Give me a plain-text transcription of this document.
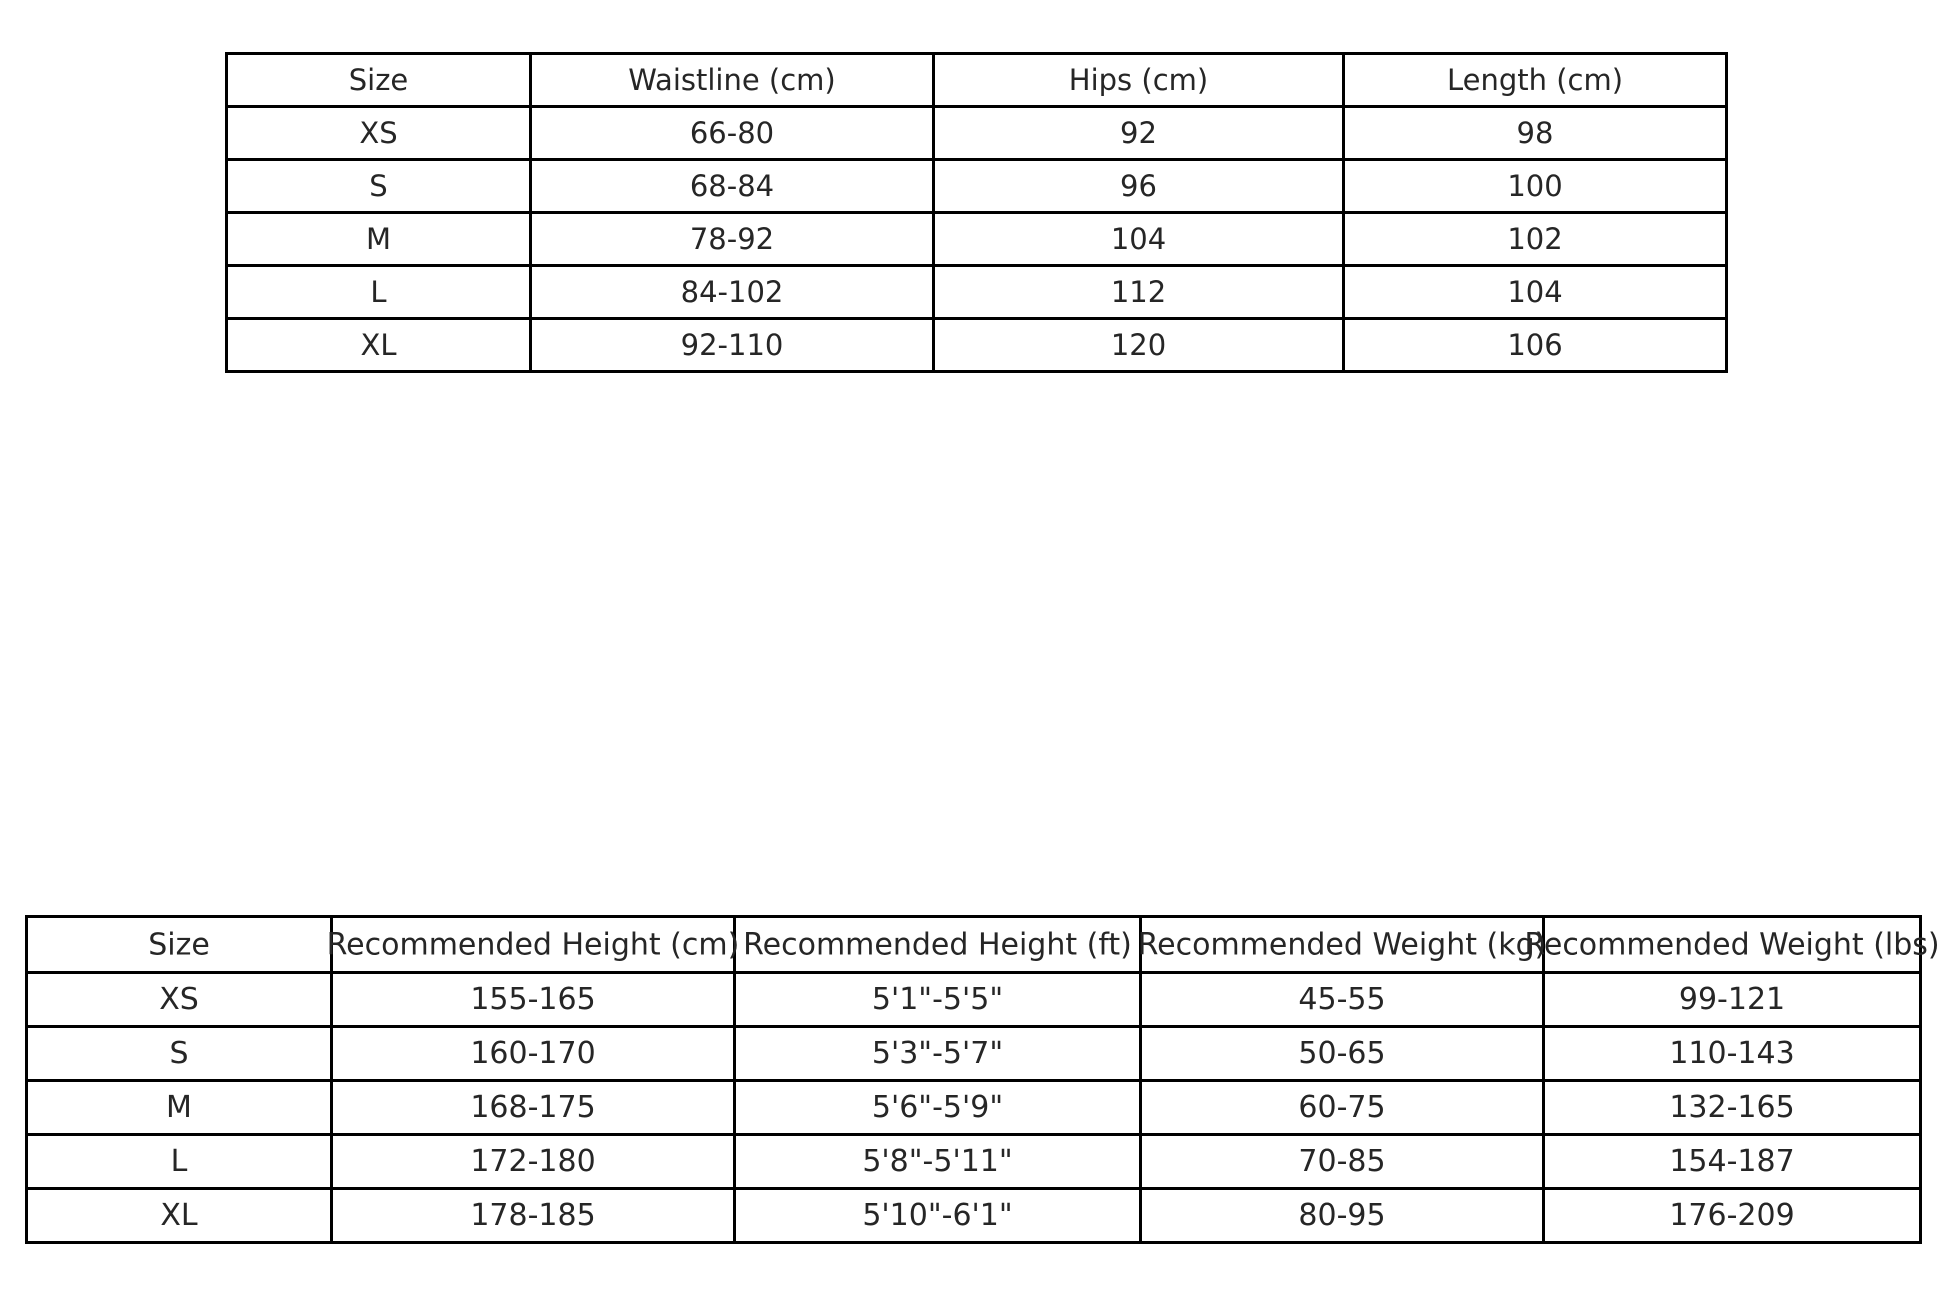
Size	Waistline (cm)	Hips (cm)	Length (cm)
XS	66-80	92	98
S	68-84	96	100
M	78-92	104	102
L	84-102	112	104
XL	92-110	120	106
Size	Recommended Height (cm)	Recommended Height (ft)	Recommended Weight (kg)	Recommended Weight (lbs)

XS	155-165	5'1"-5'5"	45-55	99-121
S	160-170	5'3"-5'7"	50-65	110-143
M	168-175	5'6"-5'9"	60-75	132-165
L	172-180	5'8"-5'11"	70-85	154-187
XL	178-185	5'10"-6'1"	80-95	176-209
